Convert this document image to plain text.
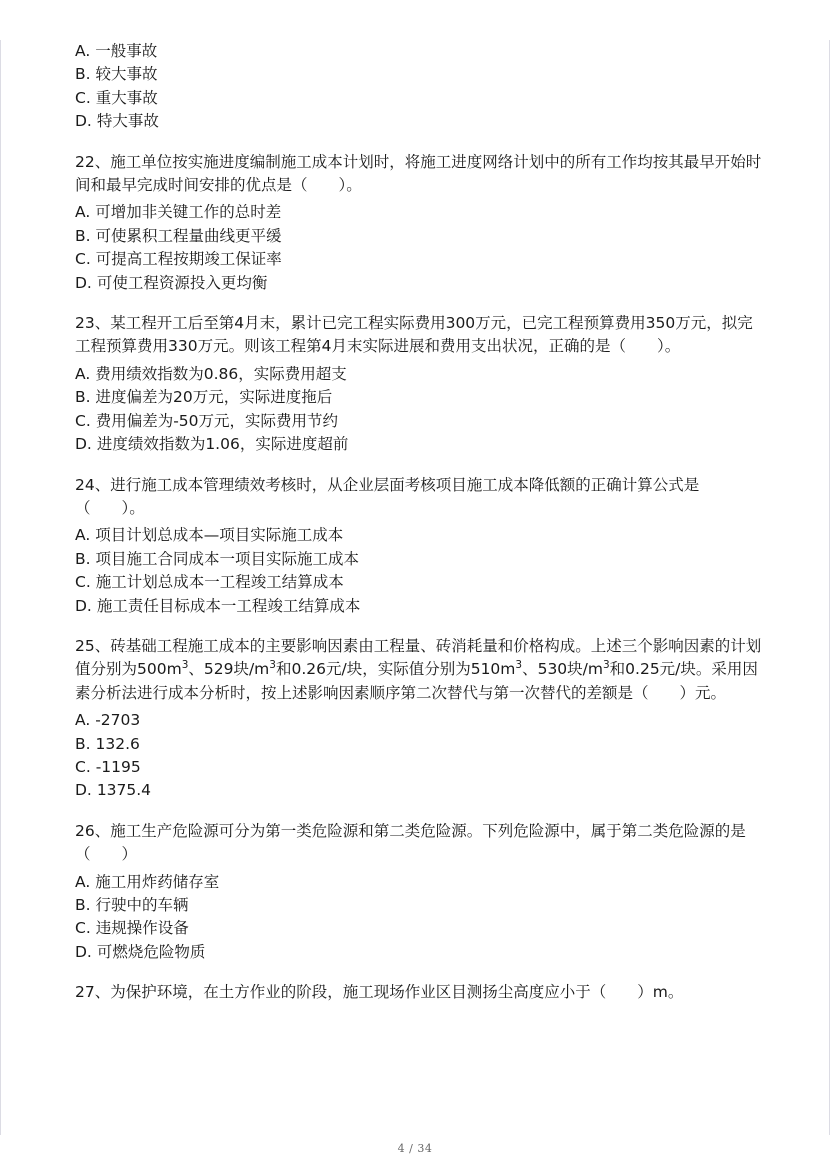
A. 一般事故

B. 较大事故

C. 重大事故

D. 特大事故

22、施工单位按实施进度编制施工成本计划时，将施工进度网络计划中的所有工作均按其最早开始时间和最早完成时间安排的优点是（　　）。

A. 可增加非关键工作的总时差

B. 可使累积工程量曲线更平缓

C. 可提高工程按期竣工保证率

D. 可使工程资源投入更均衡

23、某工程开工后至第4月末，累计已完工程实际费用300万元，已完工程预算费用350万元，拟完工程预算费用330万元。则该工程第4月末实际进展和费用支出状况，正确的是（　　）。

A. 费用绩效指数为0.86，实际费用超支

B. 进度偏差为20万元，实际进度拖后

C. 费用偏差为-50万元，实际费用节约

D. 进度绩效指数为1.06，实际进度超前

24、进行施工成本管理绩效考核时，从企业层面考核项目施工成本降低额的正确计算公式是（　　）。

A. 项目计划总成本—项目实际施工成本

B. 项目施工合同成本一项目实际施工成本

C. 施工计划总成本一工程竣工结算成本

D. 施工责任目标成本一工程竣工结算成本

25、砖基础工程施工成本的主要影响因素由工程量、砖消耗量和价格构成。上述三个影响因素的计划值分别为$500m^3$、529块$/m^3$和0.26元/块，实际值分别为$510m^3$、530块$/m^3$和0.25元/块。采用因素分析法进行成本分析时，按上述影响因素顺序第二次替代与第一次替代的差额是（　　）元。

A. -2703

B. 132.6

C. -1195

D. 1375.4

26、施工生产危险源可分为第一类危险源和第二类危险源。下列危险源中，属于第二类危险源的是（　　）

A. 施工用炸药储存室

B. 行驶中的车辆

C. 违规操作设备

D. 可燃烧危险物质

27、为保护环境，在土方作业的阶段，施工现场作业区目测扬尘高度应小于（　　）m。

4 / 34
